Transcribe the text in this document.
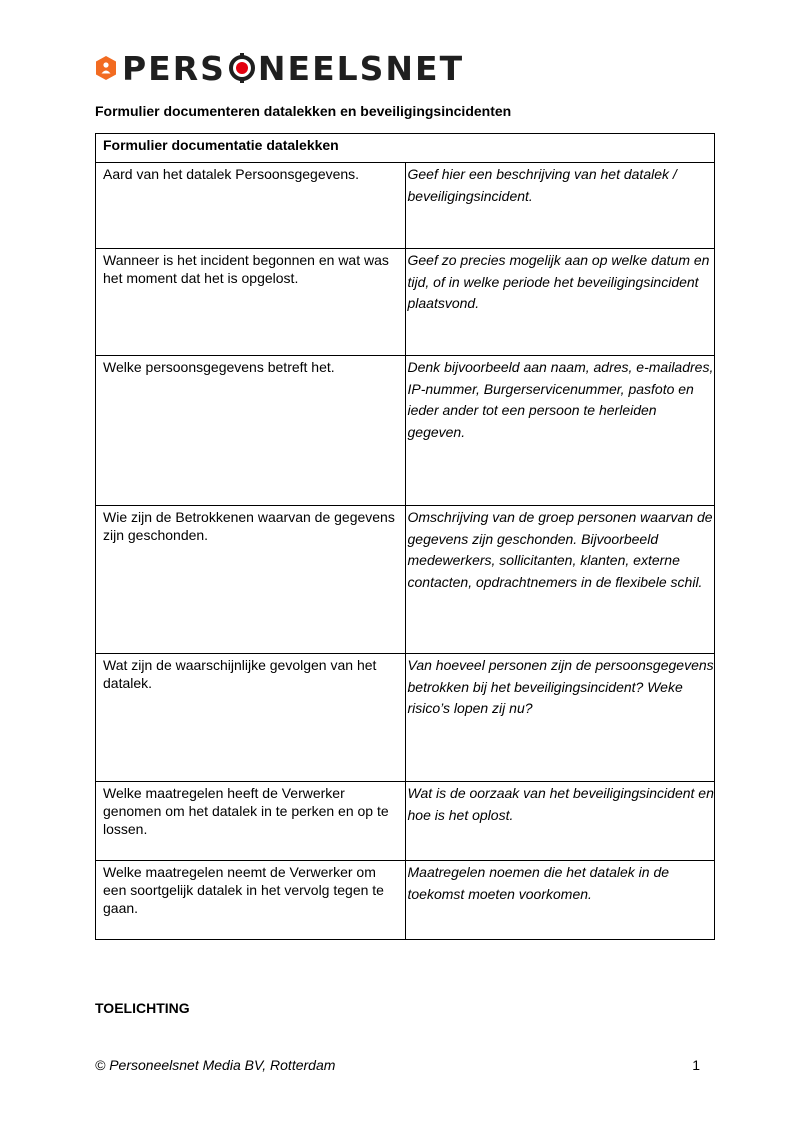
PERS NEELSNET
Formulier documenteren datalekken en beveiligingsincidenten
Formulier documentatie datalekken	
Aard van het datalek Persoonsgegevens.	Geef hier een beschrijving van het datalek / beveiligingsincident.
Wanneer is het incident begonnen en wat was het moment dat het is opgelost.	Geef zo precies mogelijk aan op welke datum en tijd, of in welke periode het beveiligingsincident plaatsvond.
Welke persoonsgegevens betreft het.	Denk bijvoorbeeld aan naam, adres, e-mailadres, IP-nummer, Burgerservicenummer, pasfoto en ieder ander tot een persoon te herleiden gegeven.
Wie zijn de Betrokkenen waarvan de gegevens zijn geschonden.	Omschrijving van de groep personen waarvan de gegevens zijn geschonden. Bijvoorbeeld medewerkers, sollicitanten, klanten, externe contacten, opdrachtnemers in de flexibele schil.
Wat zijn de waarschijnlijke gevolgen van het datalek.	Van hoeveel personen zijn de persoonsgegevens betrokken bij het beveiligingsincident? Weke risico’s lopen zij nu?
Welke maatregelen heeft de Verwerker genomen om het datalek in te perken en op te lossen.	Wat is de oorzaak van het beveiligingsincident en hoe is het oplost.
Welke maatregelen neemt de Verwerker om een soortgelijk datalek in het vervolg tegen te gaan.	Maatregelen noemen die het datalek in de toekomst moeten voorkomen.
TOELICHTING
© Personeelsnet Media BV, Rotterdam	1
